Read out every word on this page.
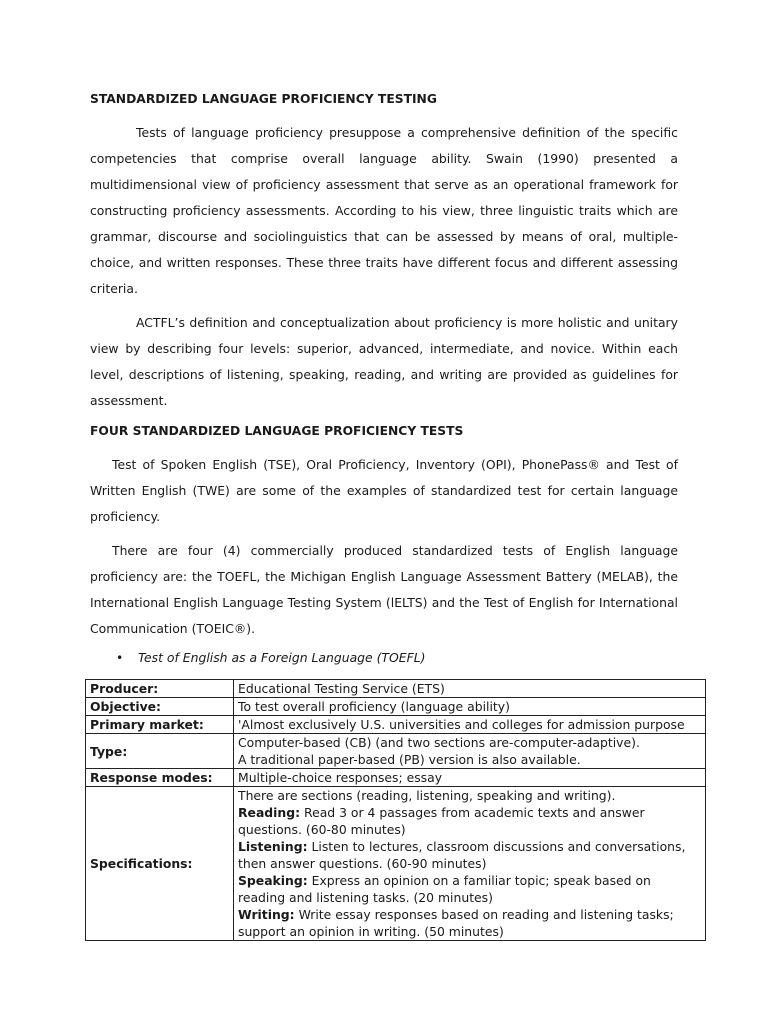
STANDARDIZED LANGUAGE PROFICIENCY TESTING

Tests of language proficiency presuppose a comprehensive definition of the specific competencies that comprise overall language ability. Swain (1990) presented a multidimensional view of proficiency assessment that serve as an operational framework for constructing proficiency assessments. According to his view, three linguistic traits which are grammar, discourse and sociolinguistics that can be assessed by means of oral, multiple-choice, and written responses. These three traits have different focus and different assessing criteria.

ACTFL’s definition and conceptualization about proficiency is more holistic and unitary view by describing four levels: superior, advanced, intermediate, and novice. Within each level, descriptions of listening, speaking, reading, and writing are provided as guidelines for assessment.

FOUR STANDARDIZED LANGUAGE PROFICIENCY TESTS

Test of Spoken English (TSE), Oral Proficiency, Inventory (OPI), PhonePass® and Test of Written English (TWE) are some of the examples of standardized test for certain language proficiency.

There are four (4) commercially produced standardized tests of English language proficiency are: the TOEFL, the Michigan English Language Assessment Battery (MELAB), the International English Language Testing System (lELTS) and the Test of English for International Communication (TOEIC®).

•	Test of English as a Foreign Language (TOEFL)
Producer:	Educational Testing Service (ETS)
Objective:	To test overall proficiency (language ability)
Primary market:	'Almost exclusively U.S. universities and colleges for admission purpose
Type:	Computer-based (CB) (and two sections are-computer-adaptive).
A traditional paper-based (PB) version is also available.

Response modes:	Multiple-choice responses; essay
Specifications:	There are sections (reading, listening, speaking and writing).
Reading: Read 3 or 4 passages from academic texts and answer questions. (60-80 minutes)
Listening: Listen to lectures, classroom discussions and conversations, then answer questions. (60-90 minutes)
Speaking: Express an opinion on a familiar topic; speak based on reading and listening tasks. (20 minutes)
Writing: Write essay responses based on reading and listening tasks; support an opinion in writing. (50 minutes)
